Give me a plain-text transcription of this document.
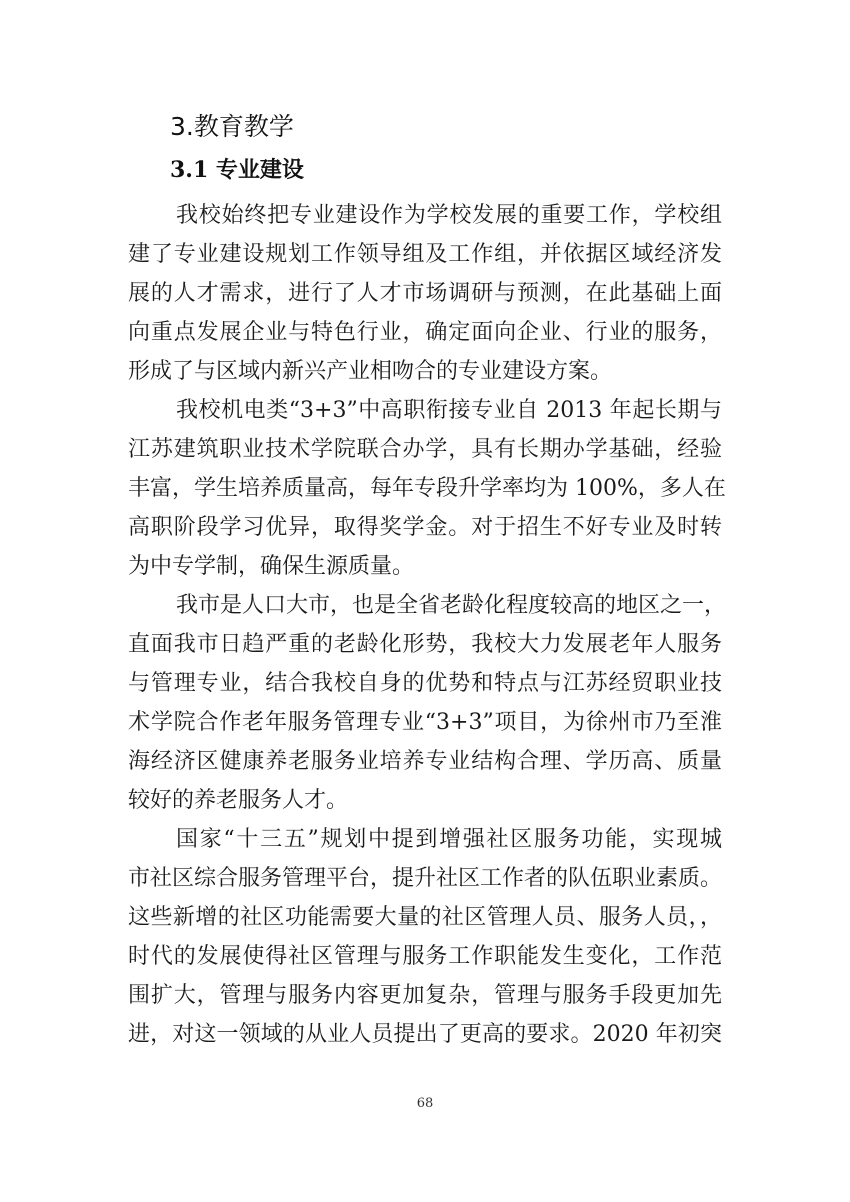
3.教育教学
3.1 专业建设
我校始终把专业建设作为学校发展的重要工作，学校组
建了专业建设规划工作领导组及工作组，并依据区域经济发
展的人才需求，进行了人才市场调研与预测，在此基础上面
向重点发展企业与特色行业，确定面向企业、行业的服务，
形成了与区域内新兴产业相吻合的专业建设方案。
我校机电类“3+3”中高职衔接专业自 2013 年起长期与
江苏建筑职业技术学院联合办学，具有长期办学基础，经验
丰富，学生培养质量高，每年专段升学率均为 100%，多人在
高职阶段学习优异，取得奖学金。对于招生不好专业及时转
为中专学制，确保生源质量。
我市是人口大市，也是全省老龄化程度较高的地区之一，
直面我市日趋严重的老龄化形势，我校大力发展老年人服务
与管理专业，结合我校自身的优势和特点与江苏经贸职业技
术学院合作老年服务管理专业“3+3”项目，为徐州市乃至淮
海经济区健康养老服务业培养专业结构合理、学历高、质量
较好的养老服务人才。
国家“十三五”规划中提到增强社区服务功能，实现城
市社区综合服务管理平台，提升社区工作者的队伍职业素质。
这些新增的社区功能需要大量的社区管理人员、服务人员，，
时代的发展使得社区管理与服务工作职能发生变化，工作范
围扩大，管理与服务内容更加复杂，管理与服务手段更加先
进，对这一领域的从业人员提出了更高的要求。2020 年初突
68
